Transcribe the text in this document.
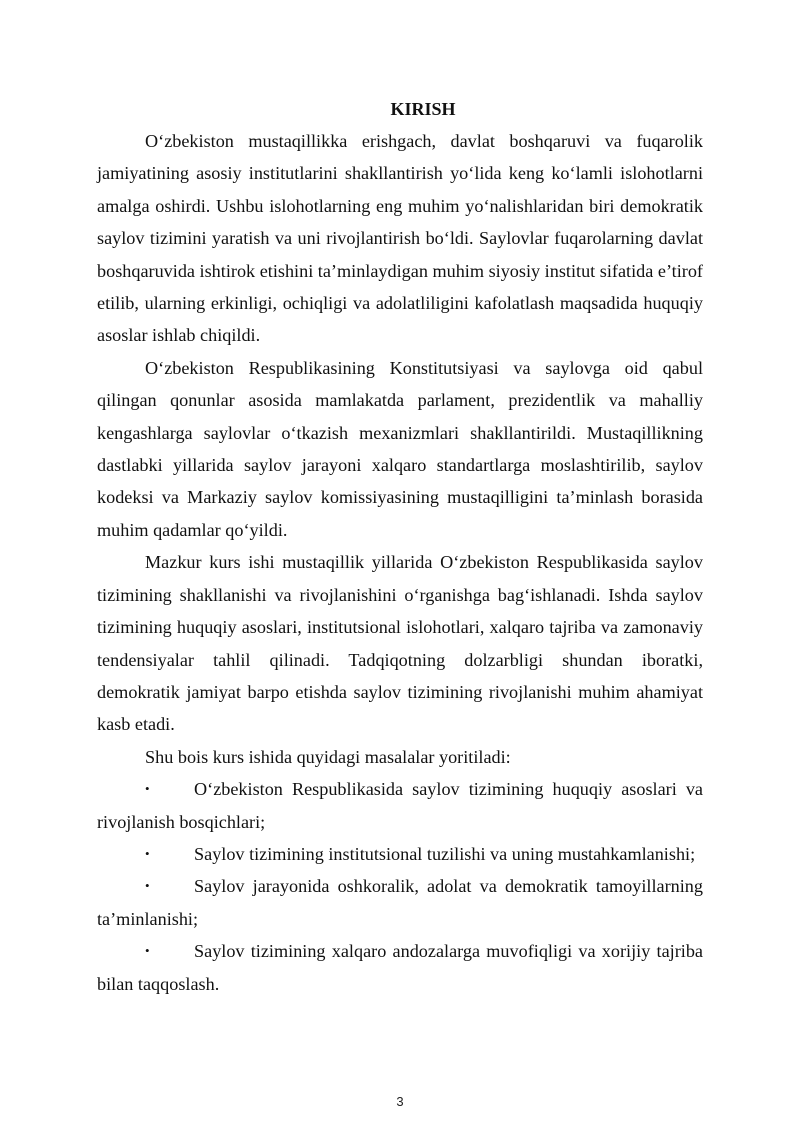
KIRISH

O‘zbekiston mustaqillikka erishgach, davlat boshqaruvi va fuqarolik jamiyatining asosiy institutlarini shakllantirish yo‘lida keng ko‘lamli islohotlarni amalga oshirdi. Ushbu islohotlarning eng muhim yo‘nalishlaridan biri demokratik saylov tizimini yaratish va uni rivojlantirish bo‘ldi. Saylovlar fuqarolarning davlat boshqaruvida ishtirok etishini ta’minlaydigan muhim siyosiy institut sifatida e’tirof etilib, ularning erkinligi, ochiqligi va adolatliligini kafolatlash maqsadida huquqiy asoslar ishlab chiqildi.

O‘zbekiston Respublikasining Konstitutsiyasi va saylovga oid qabul qilingan qonunlar asosida mamlakatda parlament, prezidentlik va mahalliy kengashlarga saylovlar o‘tkazish mexanizmlari shakllantirildi. Mustaqillikning dastlabki yillarida saylov jarayoni xalqaro standartlarga moslashtirilib, saylov kodeksi va Markaziy saylov komissiyasining mustaqilligini ta’minlash borasida muhim qadamlar qo‘yildi.

Mazkur kurs ishi mustaqillik yillarida O‘zbekiston Respublikasida saylov tizimining shakllanishi va rivojlanishini o‘rganishga bag‘ishlanadi. Ishda saylov tizimining huquqiy asoslari, institutsional islohotlari, xalqaro tajriba va zamonaviy tendensiyalar tahlil qilinadi. Tadqiqotning dolzarbligi shundan iboratki, demokratik jamiyat barpo etishda saylov tizimining rivojlanishi muhim ahamiyat kasb etadi.

Shu bois kurs ishida quyidagi masalalar yoritiladi:

• O‘zbekiston Respublikasida saylov tizimining huquqiy asoslari va rivojlanish bosqichlari;
• Saylov tizimining institutsional tuzilishi va uning mustahkamlanishi;
• Saylov jarayonida oshkoralik, adolat va demokratik tamoyillarning ta’minlanishi;
• Saylov tizimining xalqaro andozalarga muvofiqligi va xorijiy tajriba bilan taqqoslash.
3
